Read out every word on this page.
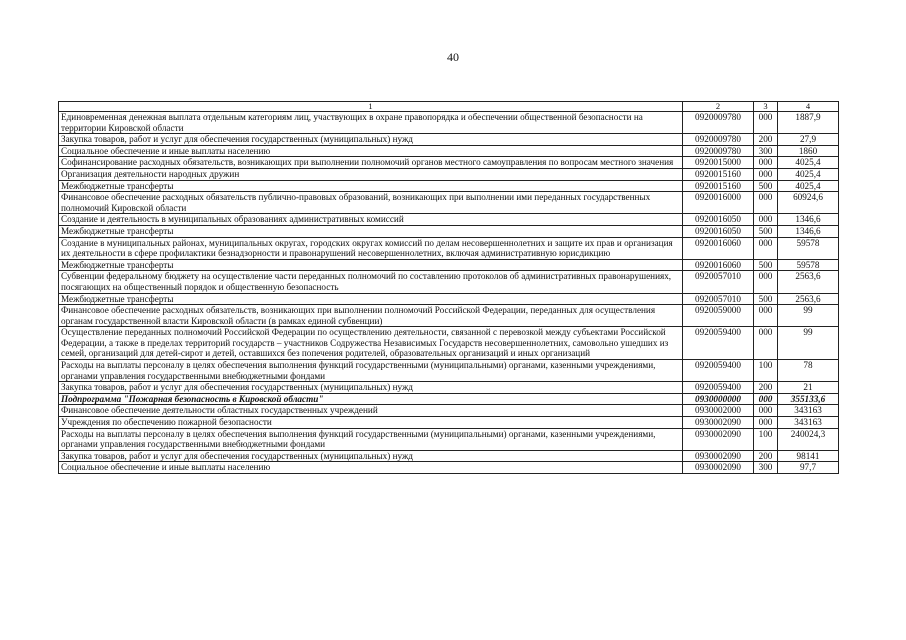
40
1	2	3	4
Единовременная денежная выплата отдельным категориям лиц, участвующих в охране правопорядка и обеспечении общественной безопасности на территории Кировской области	0920009780	000	1887,9
Закупка товаров, работ и услуг для обеспечения государственных (муниципальных) нужд	0920009780	200	27,9
Социальное обеспечение и иные выплаты населению	0920009780	300	1860
Софинансирование расходных обязательств, возникающих при выполнении полномочий органов местного самоуправления по вопросам местного значения	0920015000	000	4025,4
Организация деятельности народных дружин	0920015160	000	4025,4
Межбюджетные трансферты	0920015160	500	4025,4
Финансовое обеспечение расходных обязательств публично-правовых образований, возникающих при выполнении ими переданных государственных полномочий Кировской области	0920016000	000	60924,6
Создание и деятельность в муниципальных образованиях административных комиссий	0920016050	000	1346,6
Межбюджетные трансферты	0920016050	500	1346,6
Создание в муниципальных районах, муниципальных округах, городских округах комиссий по делам несовершеннолетних и защите их прав и организация их деятельности в сфере профилактики безнадзорности и правонарушений несовершеннолетних, включая административную юрисдикцию	0920016060	000	59578
Межбюджетные трансферты	0920016060	500	59578
Субвенции федеральному бюджету на осуществление части переданных полномочий по составлению протоколов об административных правонарушениях, посягающих на общественный порядок и общественную безопасность	0920057010	000	2563,6
Межбюджетные трансферты	0920057010	500	2563,6
Финансовое обеспечение расходных обязательств, возникающих при выполнении полномочий Российской Федерации, переданных для осуществления органам государственной власти Кировской области (в рамках единой субвенции)	0920059000	000	99
Осуществление переданных полномочий Российской Федерации по осуществлению деятельности, связанной с перевозкой между субъектами Российской Федерации, а также в пределах территорий государств – участников Содружества Независимых Государств несовершеннолетних, самовольно ушедших из семей, организаций для детей-сирот и детей, оставшихся без попечения родителей, образовательных организаций и иных организаций	0920059400	000	99
Расходы на выплаты персоналу в целях обеспечения выполнения функций государственными (муниципальными) органами, казенными учреждениями, органами управления государственными внебюджетными фондами	0920059400	100	78
Закупка товаров, работ и услуг для обеспечения государственных (муниципальных) нужд	0920059400	200	21
Подпрограмма "Пожарная безопасность в Кировской области"	0930000000	000	355133,6
Финансовое обеспечение деятельности областных государственных учреждений	0930002000	000	343163
Учреждения по обеспечению пожарной безопасности	0930002090	000	343163
Расходы на выплаты персоналу в целях обеспечения выполнения функций государственными (муниципальными) органами, казенными учреждениями, органами управления государственными внебюджетными фондами	0930002090	100	240024,3
Закупка товаров, работ и услуг для обеспечения государственных (муниципальных) нужд	0930002090	200	98141
Социальное обеспечение и иные выплаты населению	0930002090	300	97,7
